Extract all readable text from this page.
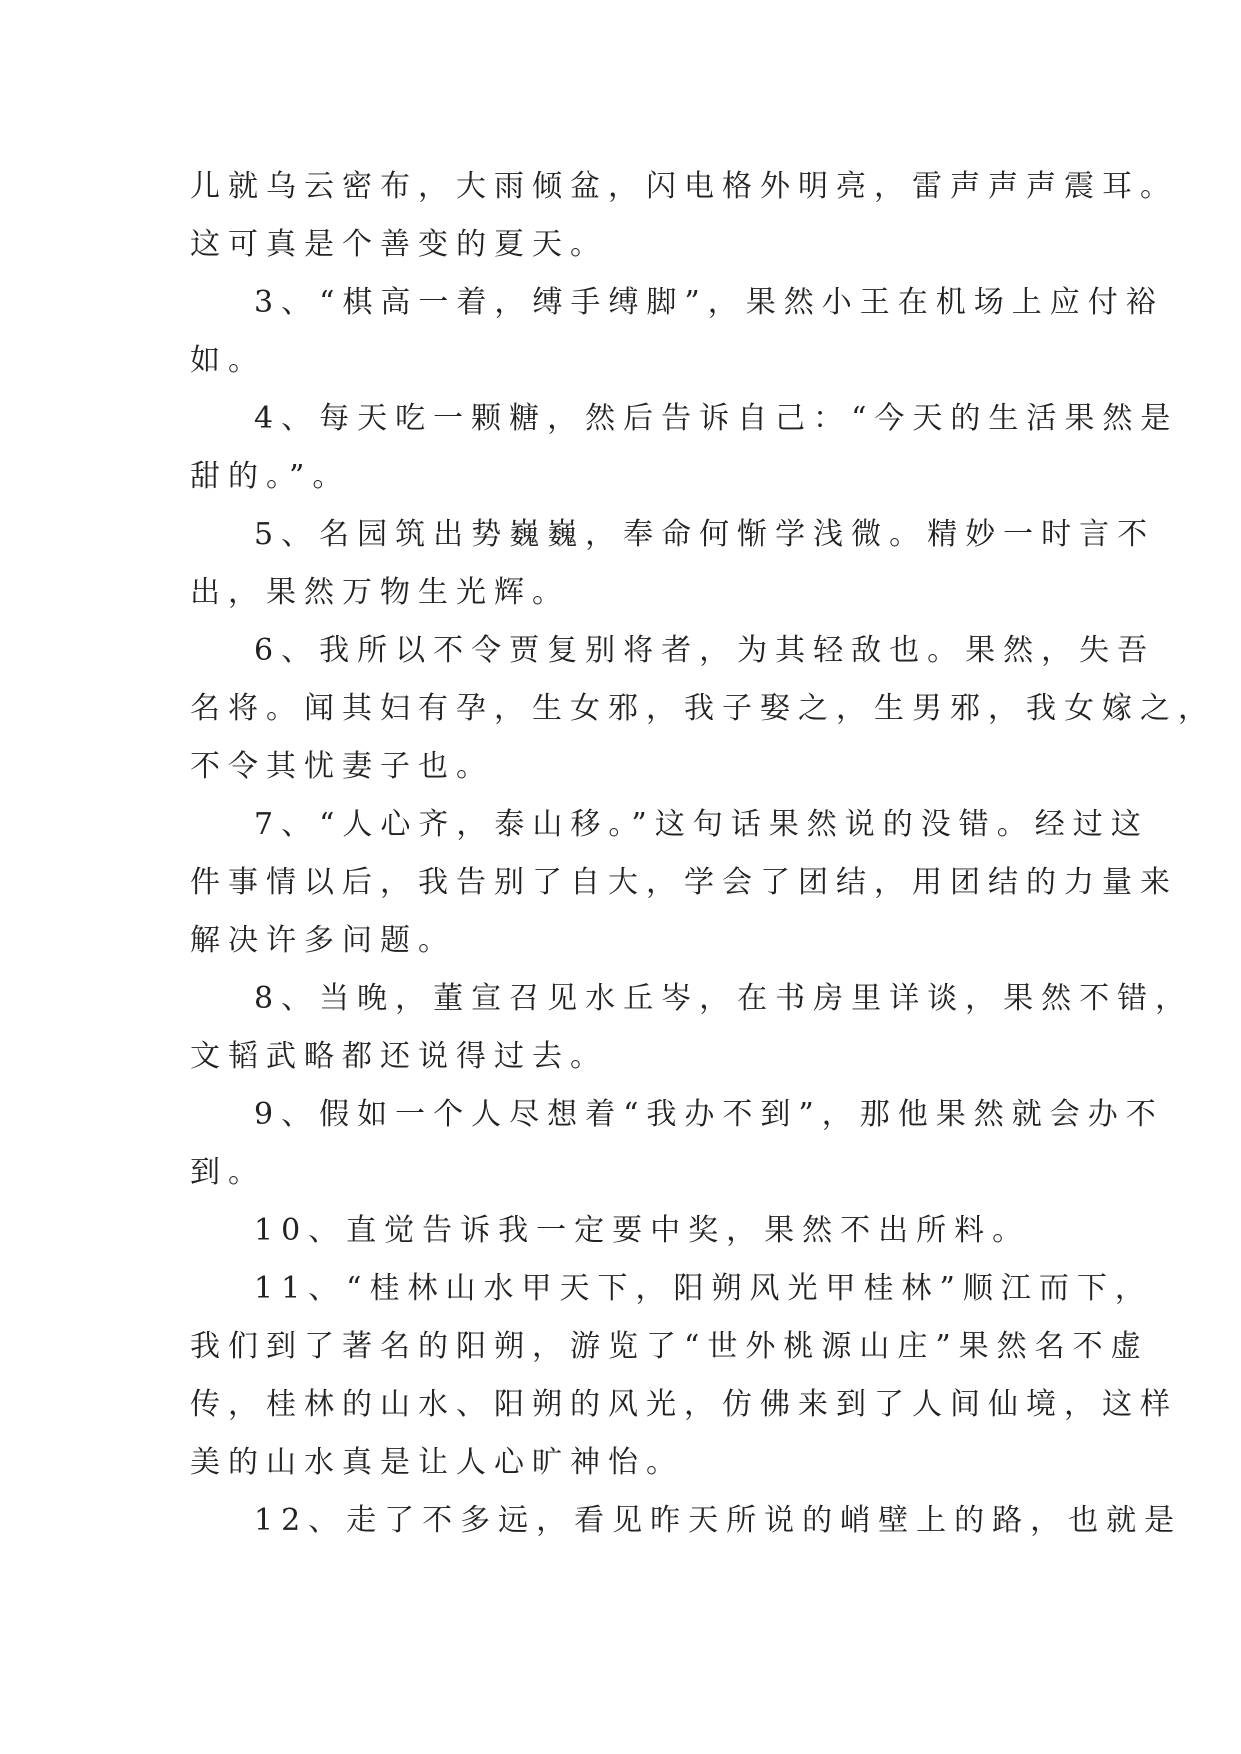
儿就乌云密布，大雨倾盆，闪电格外明亮，雷声声声震耳。
这可真是个善变的夏天。
3、“棋高一着，缚手缚脚”，果然小王在机场上应付裕
如。
4、每天吃一颗糖，然后告诉自己：“今天的生活果然是
甜的。”。
5、名园筑出势巍巍，奉命何惭学浅微。精妙一时言不
出，果然万物生光辉。
6、我所以不令贾复别将者，为其轻敌也。果然，失吾
名将。闻其妇有孕，生女邪，我子娶之，生男邪，我女嫁之，
不令其忧妻子也。
7、“人心齐，泰山移。”这句话果然说的没错。经过这
件事情以后，我告别了自大，学会了团结，用团结的力量来
解决许多问题。
8、当晚，董宣召见水丘岑，在书房里详谈，果然不错，
文韬武略都还说得过去。
9、假如一个人尽想着“我办不到”，那他果然就会办不
到。
10、直觉告诉我一定要中奖，果然不出所料。
11、“桂林山水甲天下，阳朔风光甲桂林”顺江而下，
我们到了著名的阳朔，游览了“世外桃源山庄”果然名不虚
传，桂林的山水、阳朔的风光，仿佛来到了人间仙境，这样
美的山水真是让人心旷神怡。
12、走了不多远，看见昨天所说的峭壁上的路，也就是
